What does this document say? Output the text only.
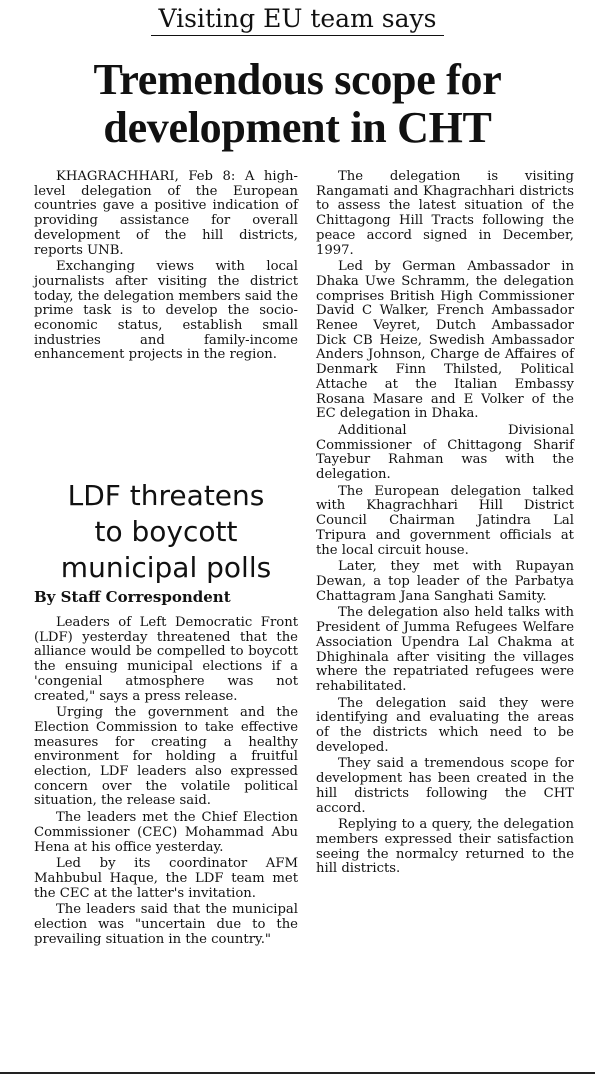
Visiting EU team says
Tremendous scope for
development in CHT

KHAGRACHHARI, Feb 8: A high-level delegation of the European countries gave a positive indication of providing assistance for overall development of the hill districts, reports UNB.

Exchanging views with local journalists after visiting the district today, the delegation members said the prime task is to develop the socio-economic status, establish small industries and family-income enhancement projects in the region.

LDF threatens
to boycott
municipal polls
By Staff Correspondent

Leaders of Left Democratic Front (LDF) yesterday threatened that the alliance would be compelled to boycott the ensuing municipal elections if a 'congenial atmosphere was not created," says a press release.

Urging the government and the Election Commission to take effective measures for creating a healthy environment for holding a fruitful election, LDF leaders also expressed concern over the volatile political situation, the release said.

The leaders met the Chief Election Commissioner (CEC) Mohammad Abu Hena at his office yesterday.

Led by its coordinator AFM Mahbubul Haque, the LDF team met the CEC at the latter's invitation.

The leaders said that the municipal election was "uncertain due to the prevailing situation in the country."

The delegation is visiting Rangamati and Khagrachhari districts to assess the latest situation of the Chittagong Hill Tracts following the peace accord signed in December, 1997.

Led by German Ambassador in Dhaka Uwe Schramm, the delegation comprises British High Commissioner David C Walker, French Ambassador Renee Veyret, Dutch Ambassador Dick CB Heize, Swedish Ambassador Anders Johnson, Charge de Affaires of Denmark Finn Thilsted, Political Attache at the Italian Embassy Rosana Masare and E Volker of the EC delegation in Dhaka.

Additional Divisional Commissioner of Chittagong Sharif Tayebur Rahman was with the delegation.

The European delegation talked with Khagrachhari Hill District Council Chairman Jatindra Lal Tripura and government officials at the local circuit house.

Later, they met with Rupayan Dewan, a top leader of the Parbatya Chattagram Jana Sanghati Samity.

The delegation also held talks with President of Jumma Refugees Welfare Association Upendra Lal Chakma at Dhighinala after visiting the villages where the repatriated refugees were rehabilitated.

The delegation said they were identifying and evaluating the areas of the districts which need to be developed.

They said a tremendous scope for development has been created in the hill districts following the CHT accord.

Replying to a query, the delegation members expressed their satisfaction seeing the normalcy returned to the hill districts.
